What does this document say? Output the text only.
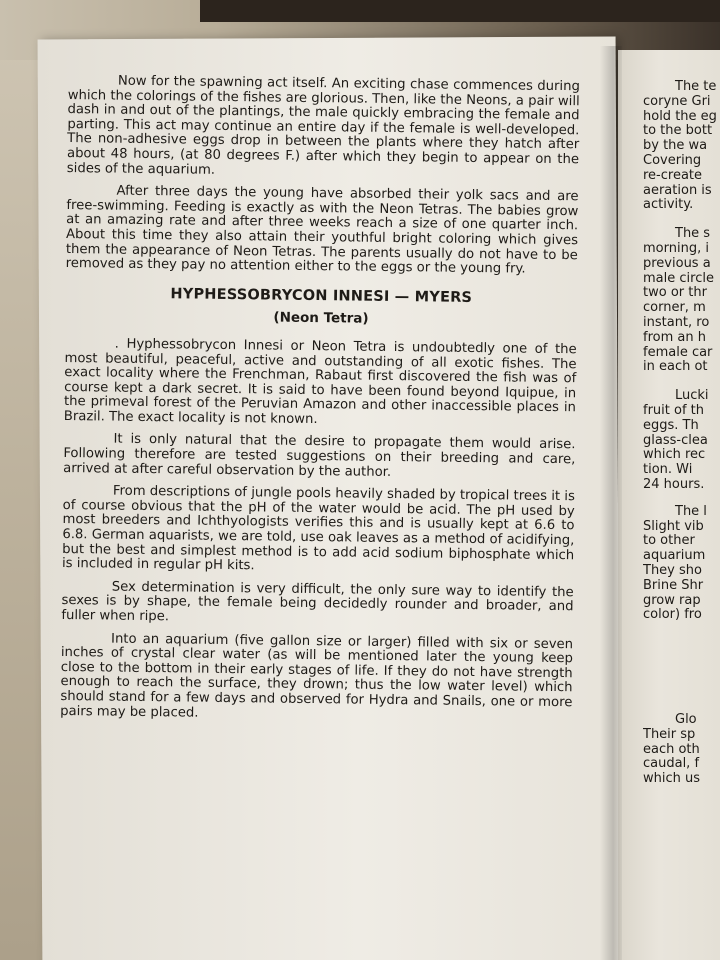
Now for the spawning act itself. An exciting chase commences during which the colorings of the fishes are glorious. Then, like the Neons, a pair will dash in and out of the plantings, the male quickly embracing the female and parting. This act may continue an entire day if the female is well-developed. The non-adhesive eggs drop in between the plants where they hatch after about 48 hours, (at 80 degrees F.) after which they begin to appear on the sides of the aquarium.

After three days the young have absorbed their yolk sacs and are free-swimming. Feeding is exactly as with the Neon Tetras. The babies grow at an amazing rate and after three weeks reach a size of one quarter inch. About this time they also attain their youthful bright coloring which gives them the appearance of Neon Tetras. The parents usually do not have to be removed as they pay no attention either to the eggs or the young fry.

HYPHESSOBRYCON INNESI — MYERS
(Neon Tetra)

. Hyphessobrycon Innesi or Neon Tetra is undoubtedly one of the most beautiful, peaceful, active and outstanding of all exotic fishes. The exact locality where the Frenchman, Rabaut first discovered the fish was of course kept a dark secret. It is said to have been found beyond Iquipue, in the primeval forest of the Peruvian Amazon and other inaccessible places in Brazil. The exact locality is not known.

It is only natural that the desire to propagate them would arise. Following therefore are tested suggestions on their breeding and care, arrived at after careful observation by the author.

From descriptions of jungle pools heavily shaded by tropical trees it is of course obvious that the pH of the water would be acid. The pH used by most breeders and Ichthyologists verifies this and is usually kept at 6.6 to 6.8. German aquarists, we are told, use oak leaves as a method of acidifying, but the best and simplest method is to add acid sodium biphosphate which is included in regular pH kits.

Sex determination is very difficult, the only sure way to identify the sexes is by shape, the female being decidedly rounder and broader, and fuller when ripe.

Into an aquarium (five gallon size or larger) filled with six or seven inches of crystal clear water (as will be mentioned later the young keep close to the bottom in their early stages of life. If they do not have strength enough to reach the surface, they drown; thus the low water level) which should stand for a few days and observed for Hydra and Snails, one or more pairs may be placed.

The te
coryne Gri
hold the eg
to the bott
by the wa
Covering
re-create
aeration is
activity.

The s
morning, i
previous a
male circle
two or thr
corner, m
instant, ro
from an h
female car
in each ot

Lucki
fruit of th
eggs. Th
glass-clea
which rec
tion. Wi
24 hours.

The l
Slight vib
to other
aquarium
They sho
Brine Shr
grow rap
color) fro

Glo
Their sp
each oth
caudal, f
which us
